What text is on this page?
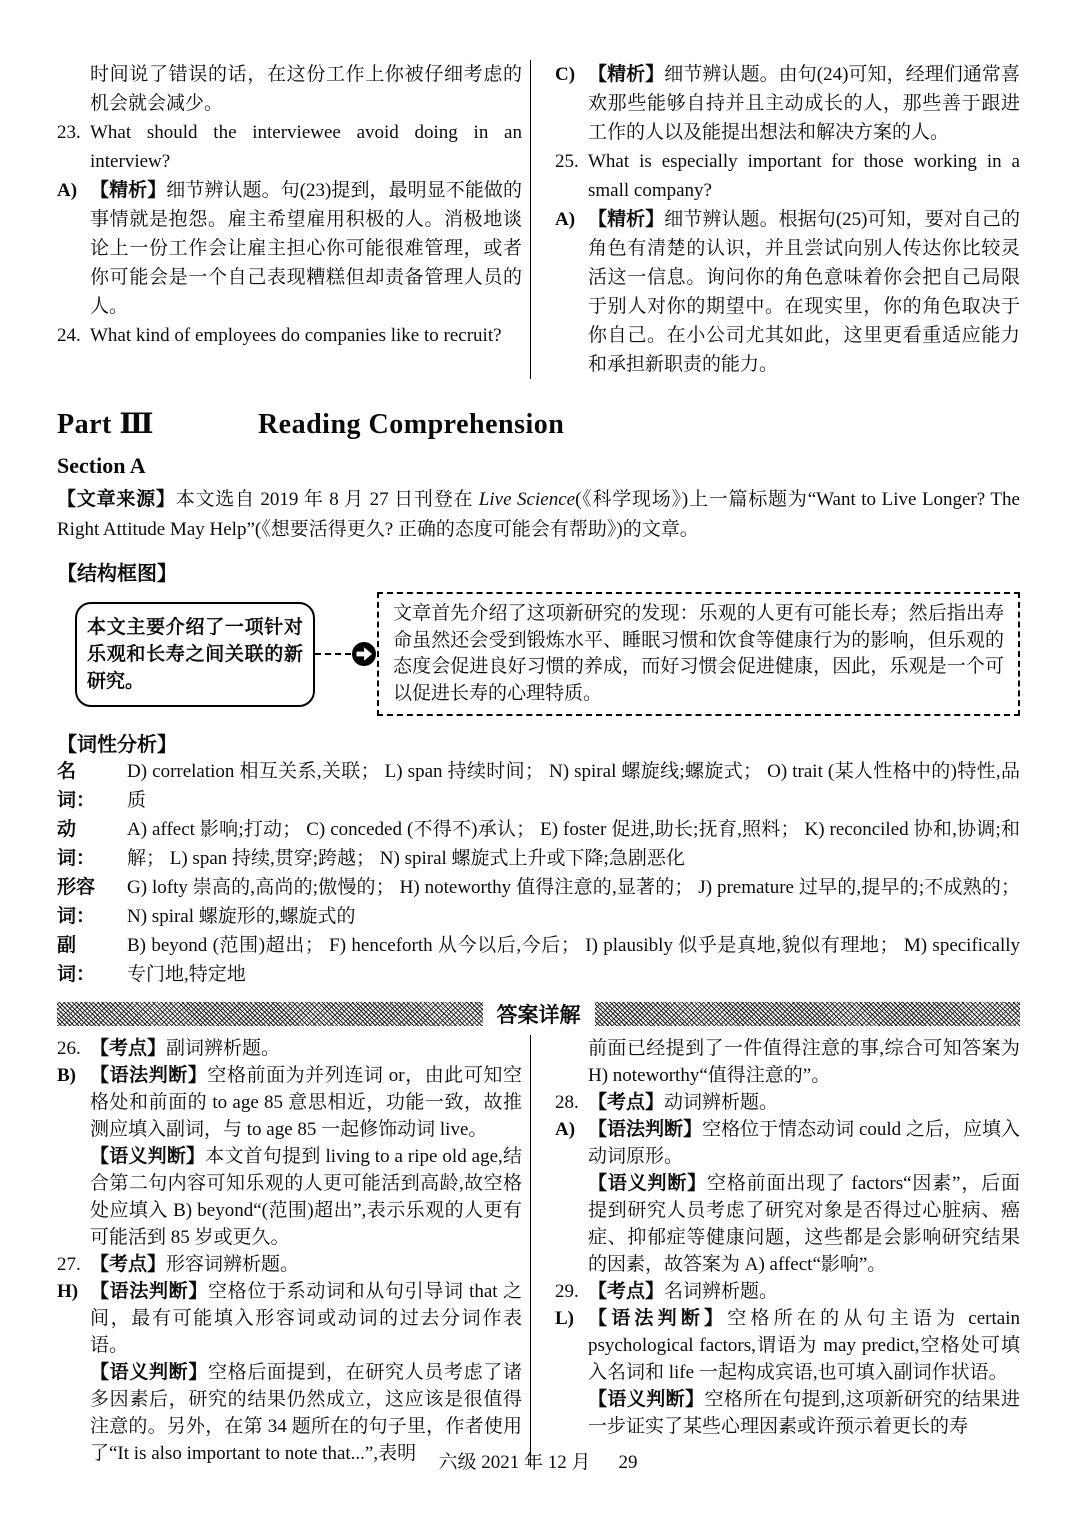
时间说了错误的话，在这份工作上你被仔细考虑的机会就会减少。

23. What should the interviewee avoid doing in an interview?

A) 【精析】细节辨认题。句(23)提到，最明显不能做的事情就是抱怨。雇主希望雇用积极的人。消极地谈论上一份工作会让雇主担心你可能很难管理，或者你可能会是一个自己表现糟糕但却责备管理人员的人。

24. What kind of employees do companies like to recruit?

C) 【精析】细节辨认题。由句(24)可知，经理们通常喜欢那些能够自持并且主动成长的人，那些善于跟进工作的人以及能提出想法和解决方案的人。

25. What is especially important for those working in a small company?

A) 【精析】细节辨认题。根据句(25)可知，要对自己的角色有清楚的认识，并且尝试向别人传达你比较灵活这一信息。询问你的角色意味着你会把自己局限于别人对你的期望中。在现实里，你的角色取决于你自己。在小公司尤其如此，这里更看重适应能力和承担新职责的能力。

Part Ⅲ	Reading Comprehension
Section A

【文章来源】本文选自 2019 年 8 月 27 日刊登在 Live Science(《科学现场》)上一篇标题为“Want to Live Longer? The Right Attitude May Help”(《想要活得更久? 正确的态度可能会有帮助》)的文章。

【结构框图】
本文主要介绍了一项针对乐观和长寿之间关联的新研究。
文章首先介绍了这项新研究的发现：乐观的人更有可能长寿；然后指出寿命虽然还会受到锻炼水平、睡眠习惯和饮食等健康行为的影响，但乐观的态度会促进良好习惯的养成，而好习惯会促进健康，因此，乐观是一个可以促进长寿的心理特质。
【词性分析】
名　词：

D) correlation 相互关系,关联； L) span 持续时间； N) spiral 螺旋线;螺旋式； O) trait (某人性格中的)特性,品质

动　词：

A) affect 影响;打动； C) conceded (不得不)承认； E) foster 促进,助长;抚育,照料； K) reconciled 协和,协调;和解； L) span 持续,贯穿;跨越； N) spiral 螺旋式上升或下降;急剧恶化

形容词：

G) lofty 崇高的,高尚的;傲慢的； H) noteworthy 值得注意的,显著的； J) premature 过早的,提早的;不成熟的； N) spiral 螺旋形的,螺旋式的

副　词：

B) beyond (范围)超出； F) henceforth 从今以后,今后； I) plausibly 似乎是真地,貌似有理地； M) specifically 专门地,特定地

答案详解
26. 【考点】副词辨析题。

B) 【语法判断】空格前面为并列连词 or，由此可知空格处和前面的 to age 85 意思相近，功能一致，故推测应填入副词，与 to age 85 一起修饰动词 live。

【语义判断】本文首句提到 living to a ripe old age,结合第二句内容可知乐观的人更可能活到高龄,故空格处应填入 B) beyond“(范围)超出”,表示乐观的人更有可能活到 85 岁或更久。

27. 【考点】形容词辨析题。

H) 【语法判断】空格位于系动词和从句引导词 that 之间，最有可能填入形容词或动词的过去分词作表语。

【语义判断】空格后面提到，在研究人员考虑了诸多因素后，研究的结果仍然成立，这应该是很值得注意的。另外，在第 34 题所在的句子里，作者使用了“It is also important to note that...”,表明

前面已经提到了一件值得注意的事,综合可知答案为 H) noteworthy“值得注意的”。

28. 【考点】动词辨析题。

A) 【语法判断】空格位于情态动词 could 之后，应填入动词原形。

【语义判断】空格前面出现了 factors“因素”，后面提到研究人员考虑了研究对象是否得过心脏病、癌症、抑郁症等健康问题，这些都是会影响研究结果的因素，故答案为 A) affect“影响”。

29. 【考点】名词辨析题。

L) 【语法判断】空格所在的从句主语为 certain psychological factors,谓语为 may predict,空格处可填入名词和 life 一起构成宾语,也可填入副词作状语。

【语义判断】空格所在句提到,这项新研究的结果进一步证实了某些心理因素或许预示着更长的寿

六级 2021 年 12 月 29
